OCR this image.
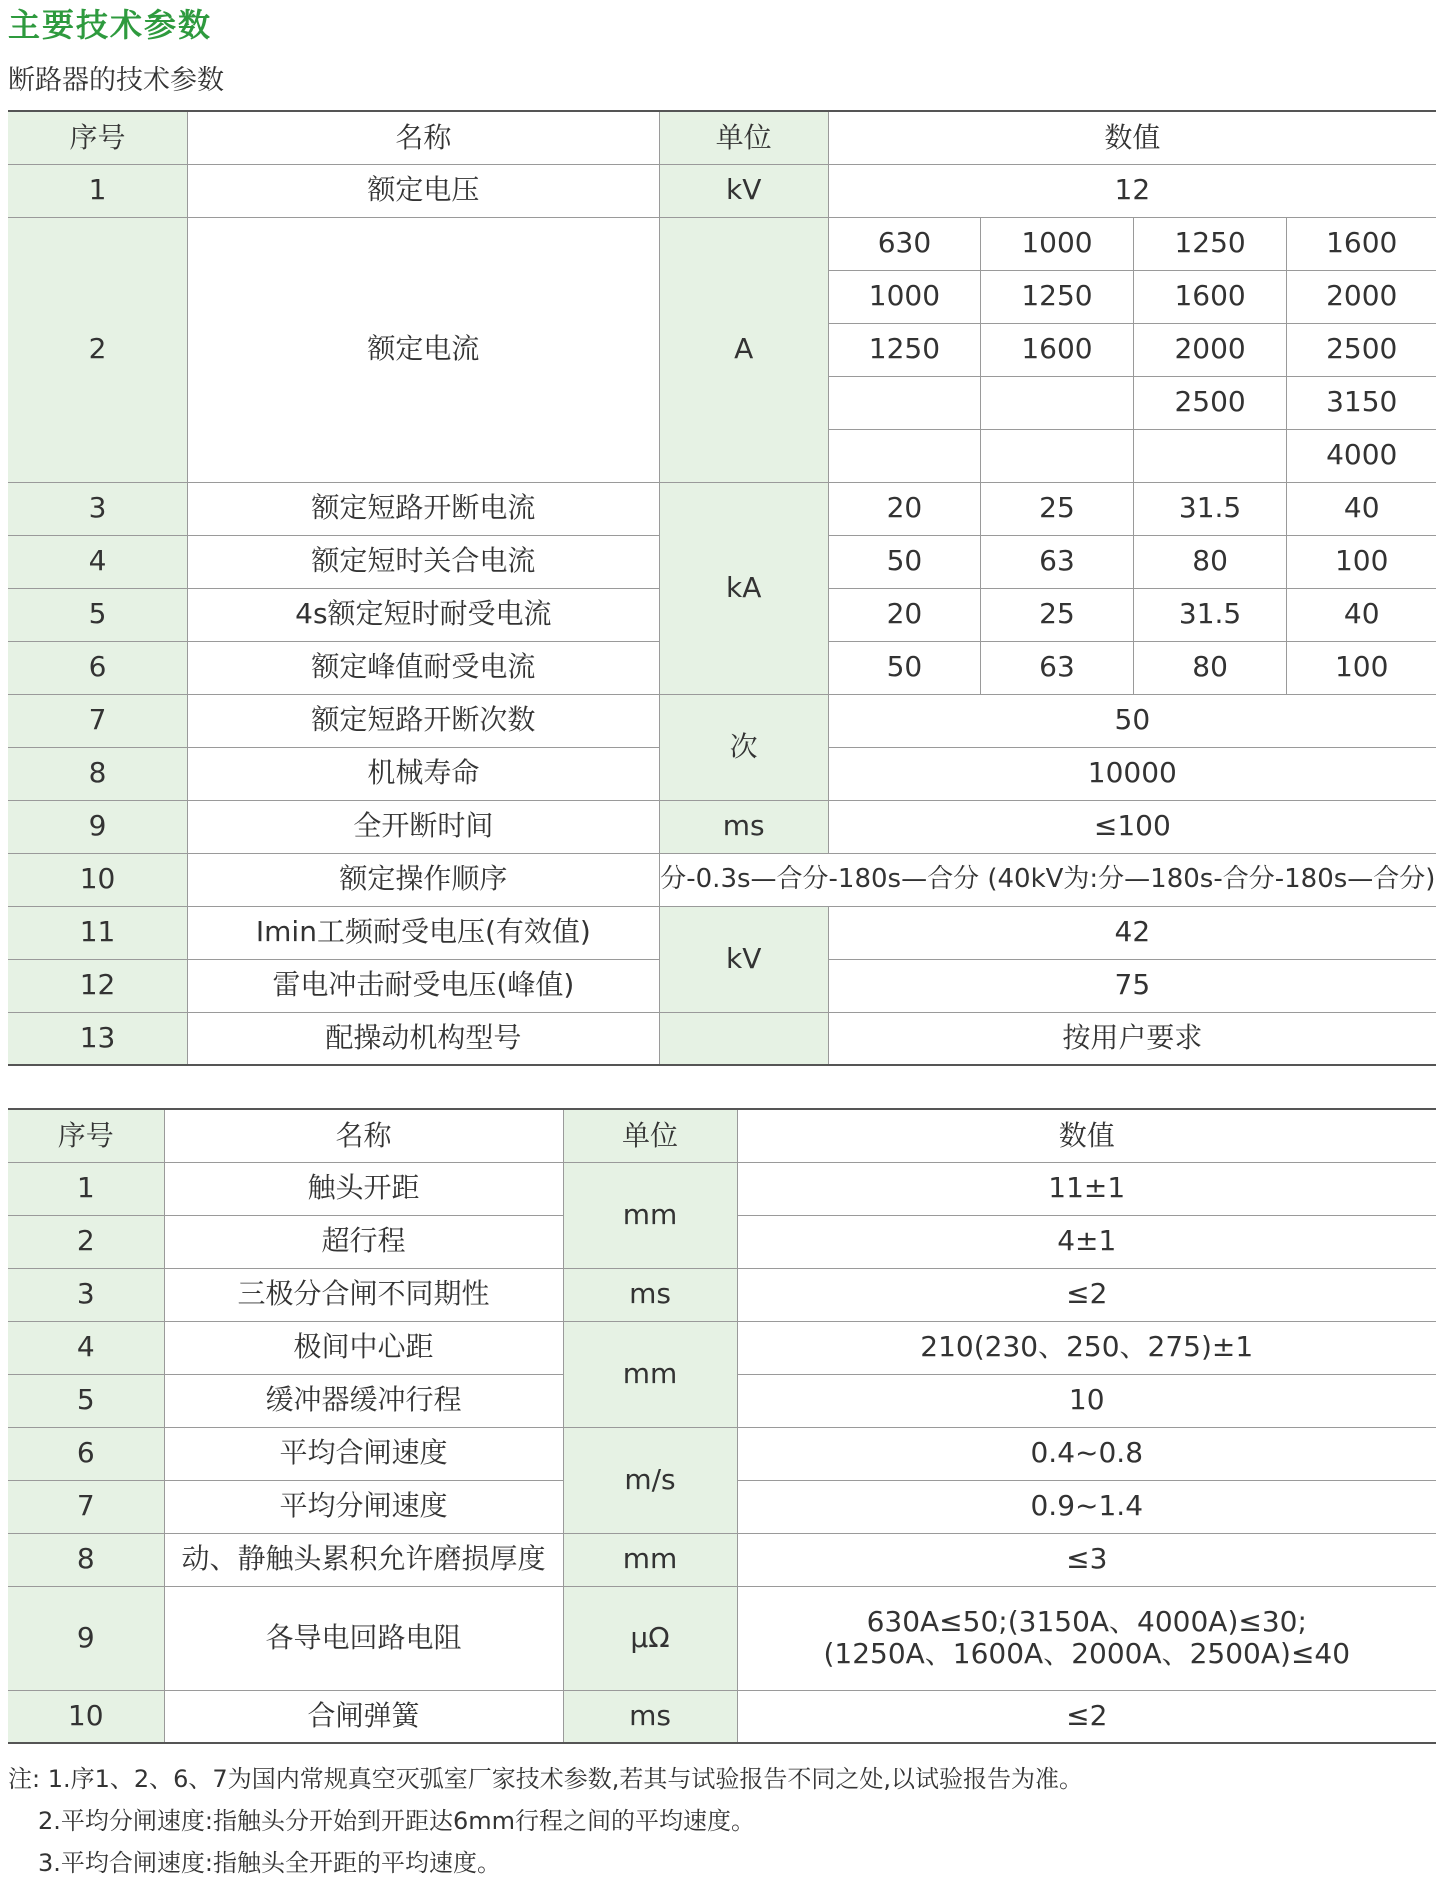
主要技术参数
断路器的技术参数
序号	名称	单位	数值			
1	额定电压	kV	12			
2	额定电流	A	630	1000	1250	1600
			1000	1250	1600	2000
			1250	1600	2000	2500
					2500	3150
						4000
3	额定短路开断电流	kA	20	25	31.5	40
4	额定短时关合电流		50	63	80	100
5	4s额定短时耐受电流		20	25	31.5	40
6	额定峰值耐受电流		50	63	80	100
7	额定短路开断次数	次	50			
8	机械寿命		10000			
9	全开断时间	ms	≤100			
10	额定操作顺序	分-0.3s—合分-180s—合分 (40kV为:分—180s-合分-180s—合分)				
11	Imin工频耐受电压(有效值)	kV	42			
12	雷电冲击耐受电压(峰值)		75			
13	配操动机构型号		按用户要求			
序号	名称	单位	数值
1	触头开距	mm	11±1
2	超行程		4±1
3	三极分合闸不同期性	ms	≤2
4	极间中心距	mm	210(230、250、275)±1
5	缓冲器缓冲行程		10
6	平均合闸速度	m/s	0.4~0.8
7	平均分闸速度		0.9~1.4
8	动、静触头累积允许磨损厚度	mm	≤3
9	各导电回路电阻	μΩ	630A≤50;(3150A、4000A)≤30;
(1250A、1600A、2000A、2500A)≤40

10	合闸弹簧	ms	≤2
注: 1.序1、2、6、7为国内常规真空灭弧室厂家技术参数,若其与试验报告不同之处,以试验报告为准。
2.平均分闸速度:指触头分开始到开距达6mm行程之间的平均速度。
3.平均合闸速度:指触头全开距的平均速度。
